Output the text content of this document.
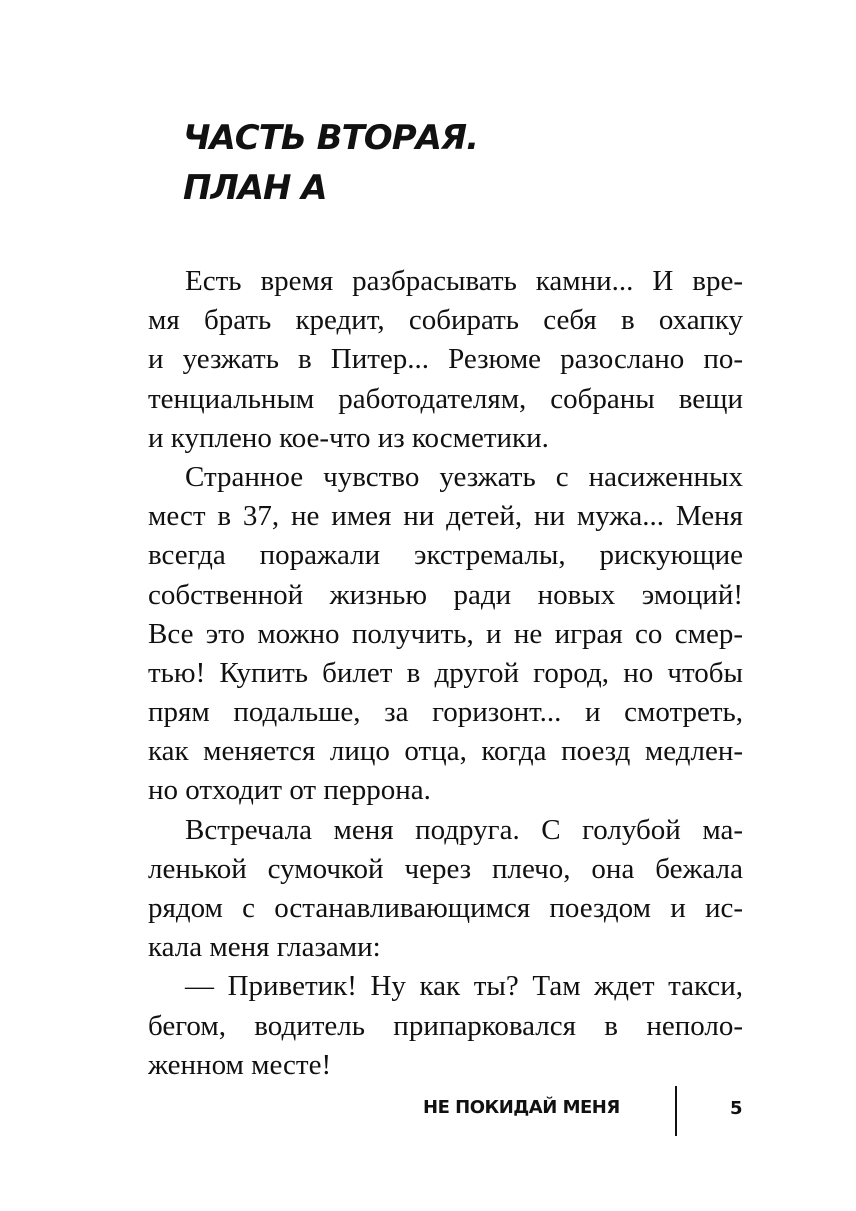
ЧАСТЬ ВТОРАЯ.
ПЛАН А
Есть время разбрасывать камни... И вре-
мя брать кредит, собирать себя в охапку
и уезжать в Питер... Резюме разослано по-
тенциальным работодателям, собраны вещи
и куплено кое-что из косметики.
Странное чувство уезжать с насиженных
мест в 37, не имея ни детей, ни мужа... Меня
всегда поражали экстремалы, рискующие
собственной жизнью ради новых эмоций!
Все это можно получить, и не играя со смер-
тью! Купить билет в другой город, но чтобы
прям подальше, за горизонт... и смотреть,
как меняется лицо отца, когда поезд медлен-
но отходит от перрона.
Встречала меня подруга. С голубой ма-
ленькой сумочкой через плечо, она бежала
рядом с останавливающимся поездом и ис-
кала меня глазами:
— Приветик! Ну как ты? Там ждет такси,
бегом, водитель припарковался в неполо-
женном месте!
НЕ ПОКИДАЙ МЕНЯ	5
